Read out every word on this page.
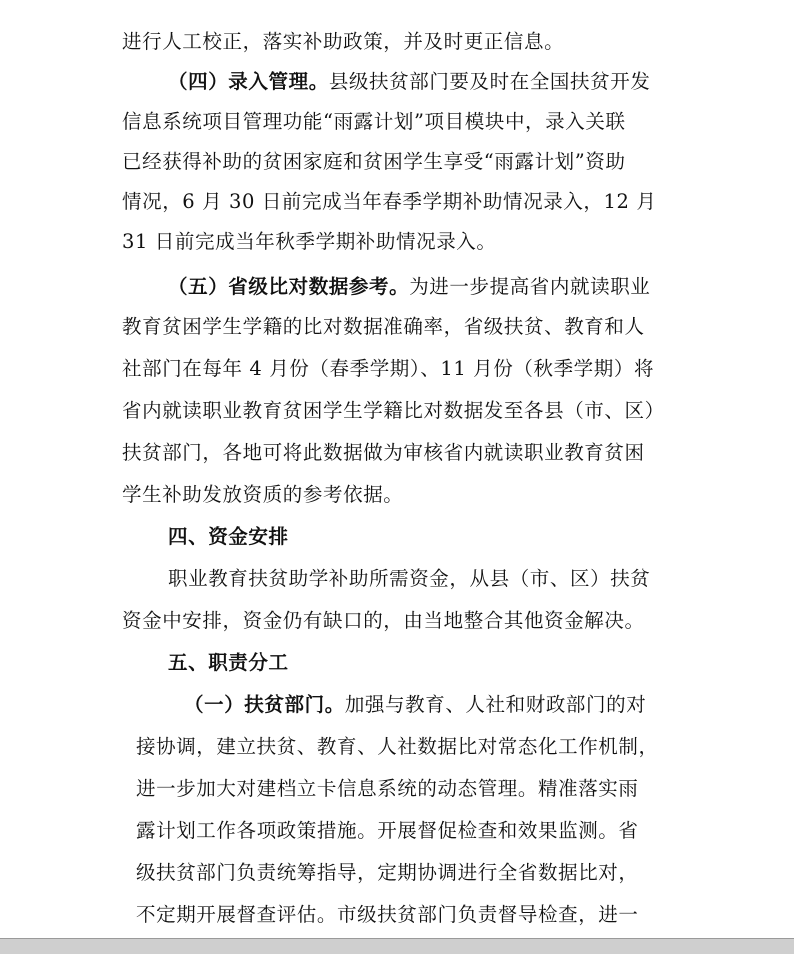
进行人工校正，落实补助政策，并及时更正信息。
（四）录入管理。县级扶贫部门要及时在全国扶贫开发
信息系统项目管理功能“雨露计划”项目模块中，录入关联
已经获得补助的贫困家庭和贫困学生享受“雨露计划”资助
情况，6 月 30 日前完成当年春季学期补助情况录入，12 月
31 日前完成当年秋季学期补助情况录入。
（五）省级比对数据参考。为进一步提高省内就读职业
教育贫困学生学籍的比对数据准确率，省级扶贫、教育和人
社部门在每年 4 月份（春季学期）、11 月份（秋季学期）将
省内就读职业教育贫困学生学籍比对数据发至各县（市、区）
扶贫部门，各地可将此数据做为审核省内就读职业教育贫困
学生补助发放资质的参考依据。
四、资金安排
职业教育扶贫助学补助所需资金，从县（市、区）扶贫
资金中安排，资金仍有缺口的，由当地整合其他资金解决。
五、职责分工
（一）扶贫部门。加强与教育、人社和财政部门的对
接协调，建立扶贫、教育、人社数据比对常态化工作机制，
进一步加大对建档立卡信息系统的动态管理。精准落实雨
露计划工作各项政策措施。开展督促检查和效果监测。省
级扶贫部门负责统筹指导，定期协调进行全省数据比对，
不定期开展督查评估。市级扶贫部门负责督导检查，进一
